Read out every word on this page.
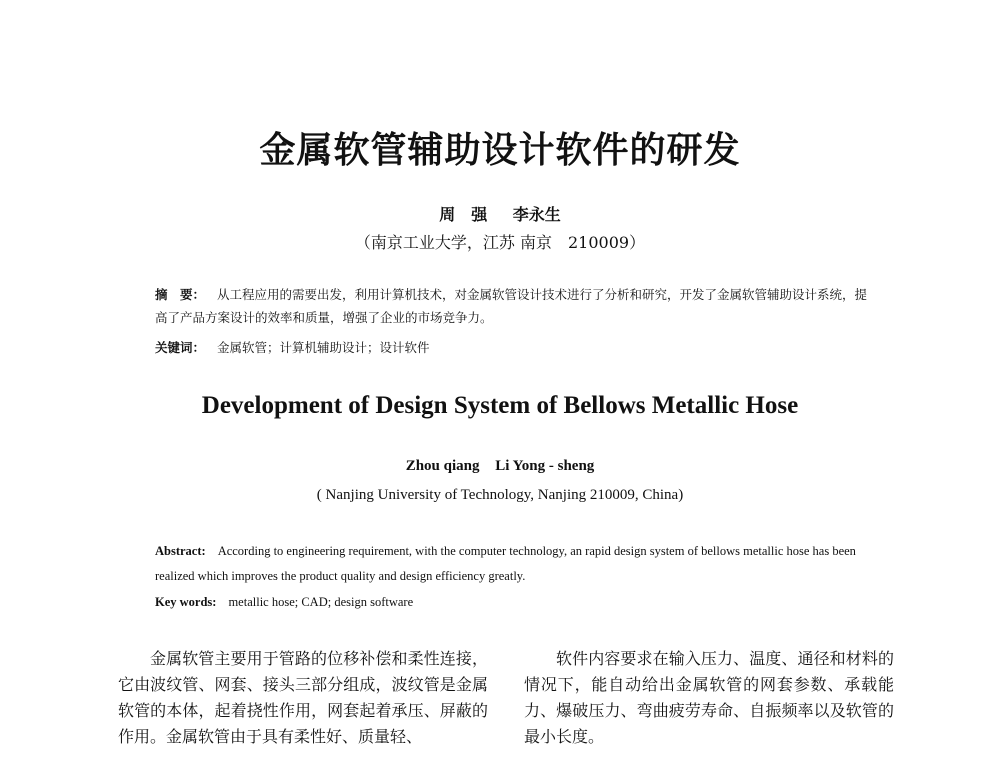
金属软管辅助设计软件的研发
周　强 李永生
（南京工业大学，江苏 南京　210009）
摘　要： 从工程应用的需要出发，利用计算机技术，对金属软管设计技术进行了分析和研究，开发了金属软管辅助设计系统，提高了产品方案设计的效率和质量，增强了企业的市场竞争力。
关键词： 金属软管；计算机辅助设计；设计软件
Development of Design System of Bellows Metallic Hose
Zhou qiang Li Yong - sheng
( Nanjing University of Technology, Nanjing 210009, China)
Abstract: According to engineering requirement, with the computer technology, an rapid design system of bellows metallic hose has been realized which improves the product quality and design efficiency greatly.
Key words: metallic hose; CAD; design software

金属软管主要用于管路的位移补偿和柔性连接，它由波纹管、网套、接头三部分组成，波纹管是金属软管的本体，起着挠性作用，网套起着承压、屏蔽的作用。金属软管由于具有柔性好、质量轻、

软件内容要求在输入压力、温度、通径和材料的情况下，能自动给出金属软管的网套参数、承载能力、爆破压力、弯曲疲劳寿命、自振频率以及软管的最小长度。
